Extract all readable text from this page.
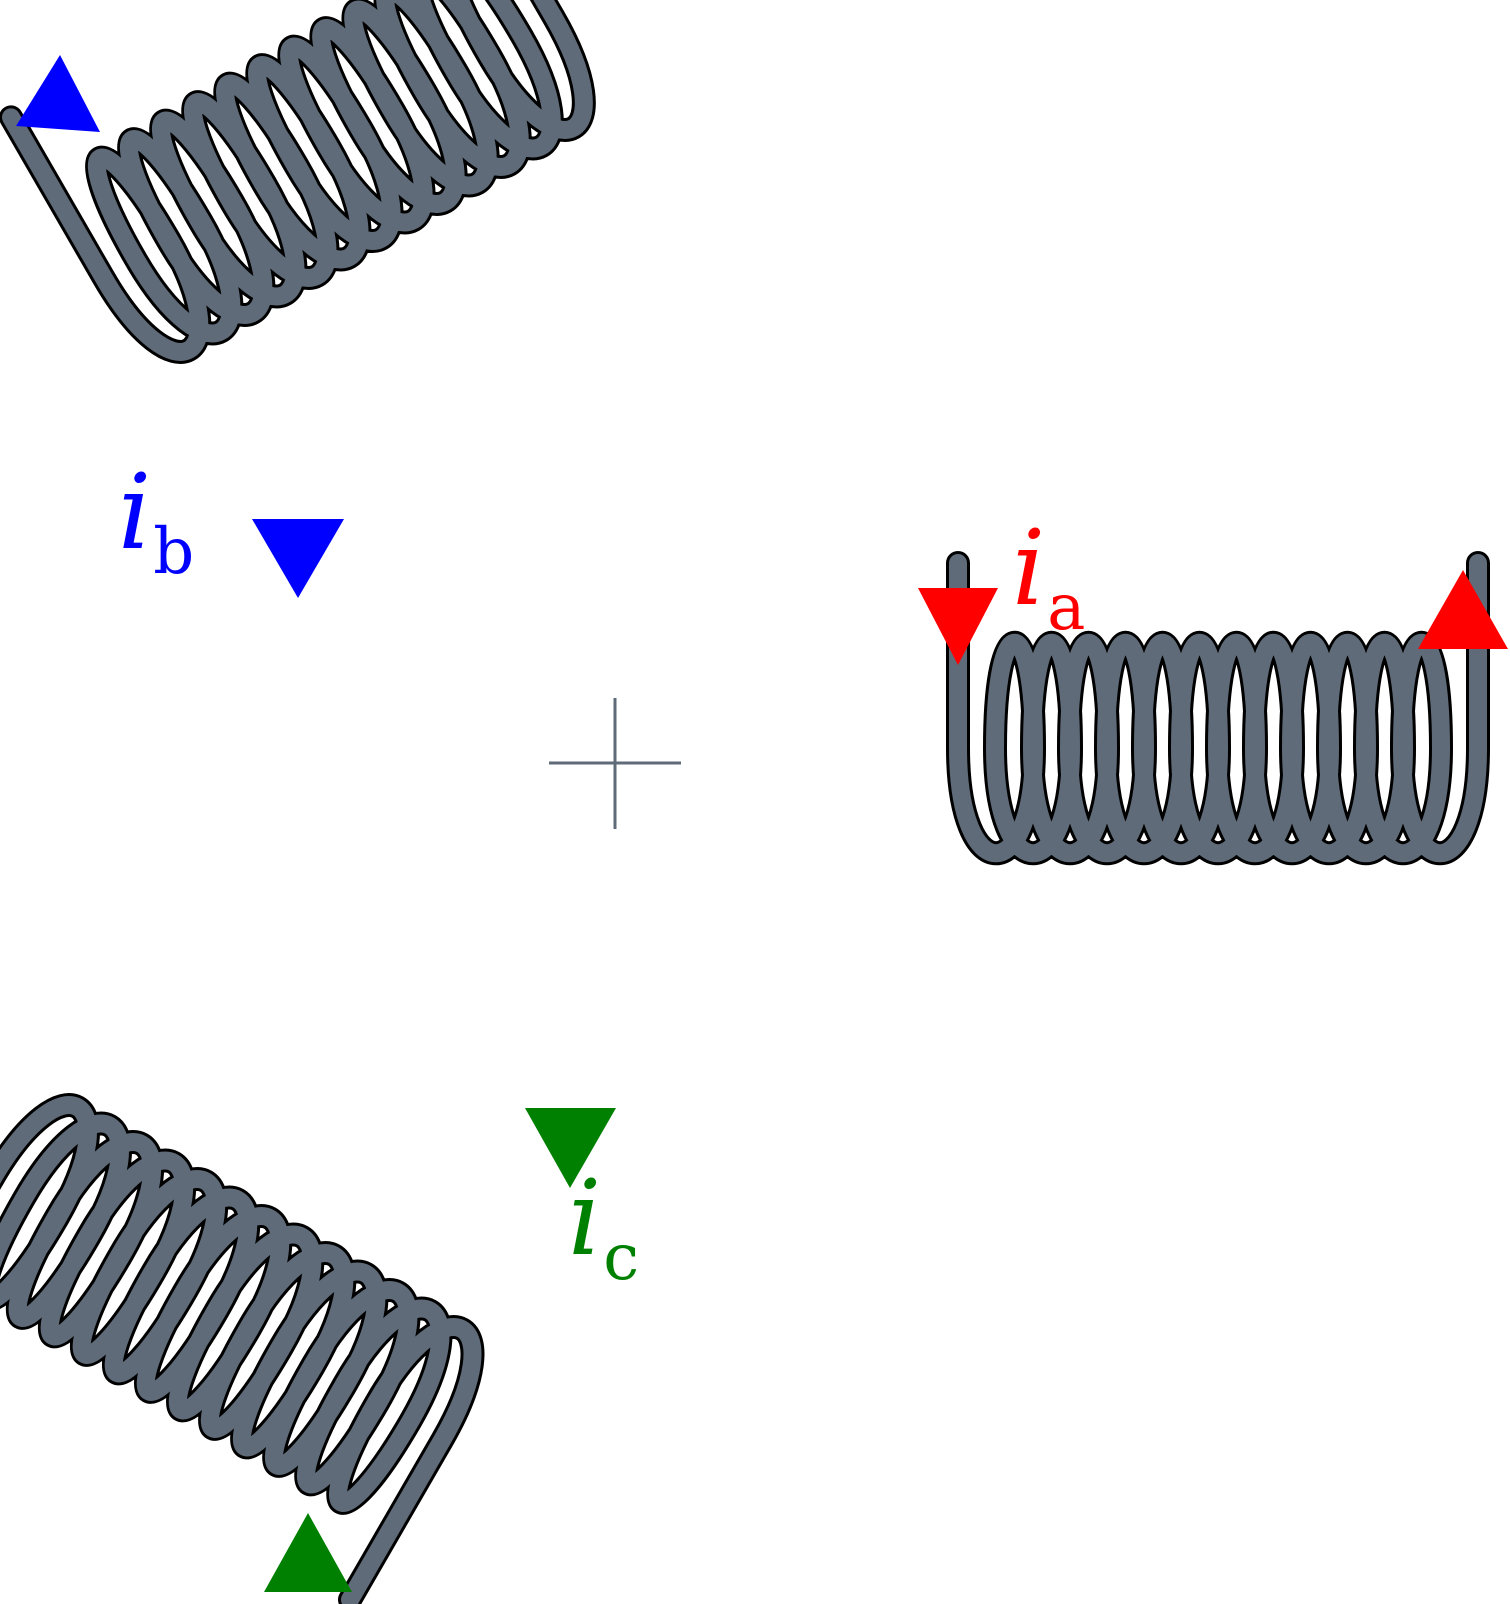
ia
ib
ic
